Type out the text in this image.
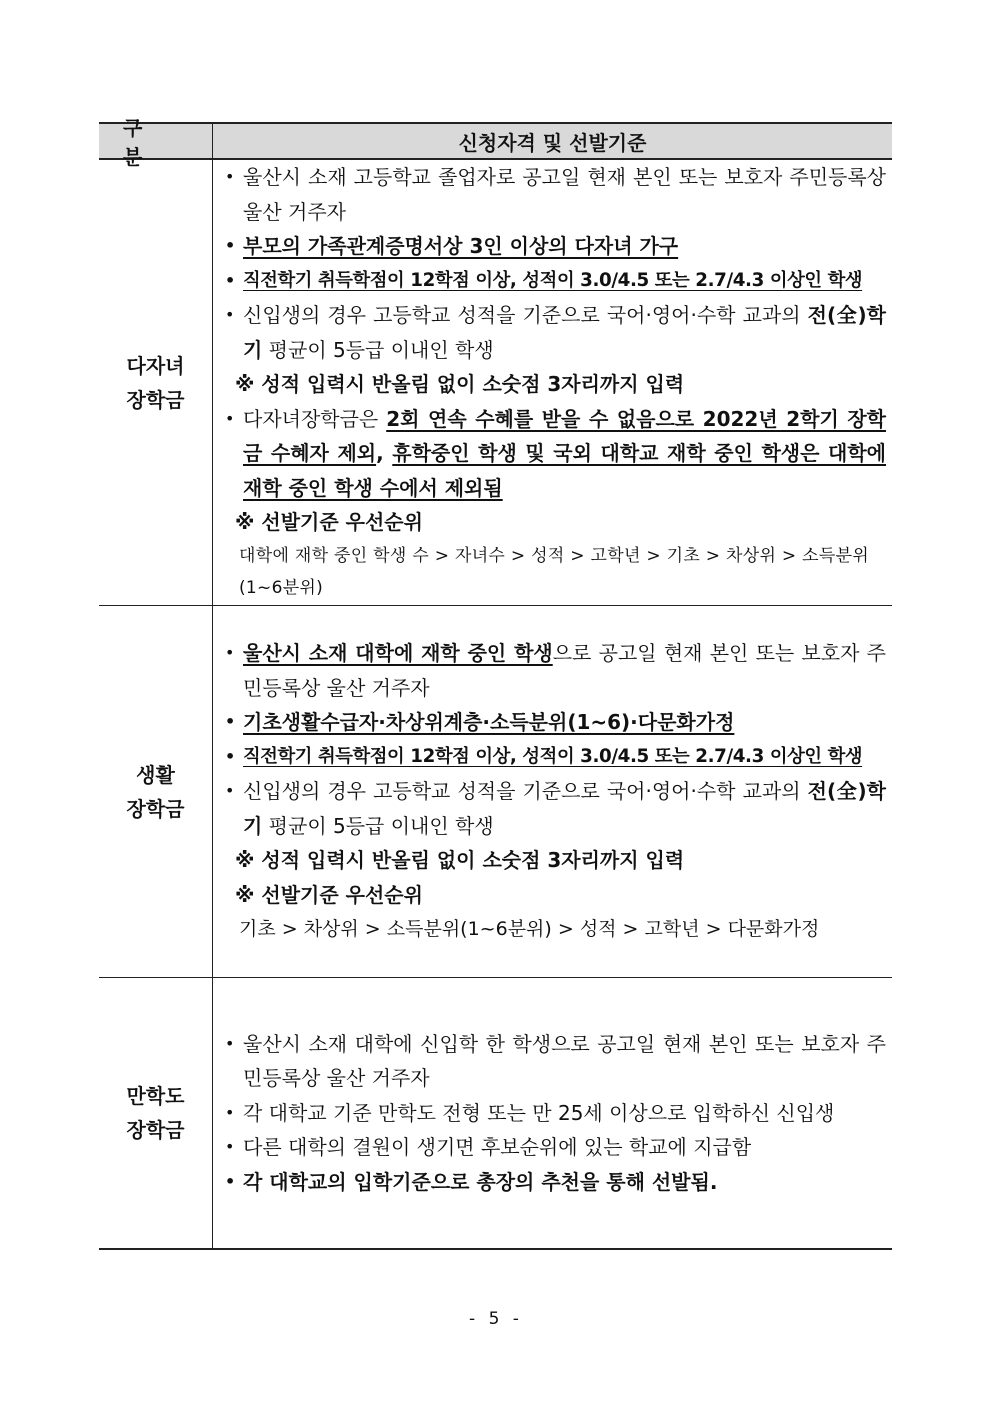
구 분
신청자격 및 선발기준
다자녀
장학금
• 울산시 소재 고등학교 졸업자로 공고일 현재 본인 또는 보호자 주민등록상 울산 거주자
• 부모의 가족관계증명서상 3인 이상의 다자녀 가구
• 직전학기 취득학점이 12학점 이상, 성적이 3.0/4.5 또는 2.7/4.3 이상인 학생
• 신입생의 경우 고등학교 성적을 기준으로 국어·영어·수학 교과의 전(全)학기 평균이 5등급 이내인 학생
※ 성적 입력시 반올림 없이 소숫점 3자리까지 입력
• 다자녀장학금은 2회 연속 수혜를 받을 수 없음으로 2022년 2학기 장학금 수혜자 제외, 휴학중인 학생 및 국외 대학교 재학 중인 학생은 대학에 재학 중인 학생 수에서 제외됨
※ 선발기준 우선순위
대학에 재학 중인 학생 수 > 자녀수 > 성적 > 고학년 > 기초 > 차상위 > 소득분위(1~6분위)
생활
장학금
• 울산시 소재 대학에 재학 중인 학생으로 공고일 현재 본인 또는 보호자 주민등록상 울산 거주자
• 기초생활수급자·차상위계층·소득분위(1~6)·다문화가정
• 직전학기 취득학점이 12학점 이상, 성적이 3.0/4.5 또는 2.7/4.3 이상인 학생
• 신입생의 경우 고등학교 성적을 기준으로 국어·영어·수학 교과의 전(全)학기 평균이 5등급 이내인 학생
※ 성적 입력시 반올림 없이 소숫점 3자리까지 입력
※ 선발기준 우선순위
기초 > 차상위 > 소득분위(1~6분위) > 성적 > 고학년 > 다문화가정
만학도
장학금
• 울산시 소재 대학에 신입학 한 학생으로 공고일 현재 본인 또는 보호자 주민등록상 울산 거주자
• 각 대학교 기준 만학도 전형 또는 만 25세 이상으로 입학하신 신입생
• 다른 대학의 결원이 생기면 후보순위에 있는 학교에 지급함
• 각 대학교의 입학기준으로 총장의 추천을 통해 선발됨.
- 5 -
